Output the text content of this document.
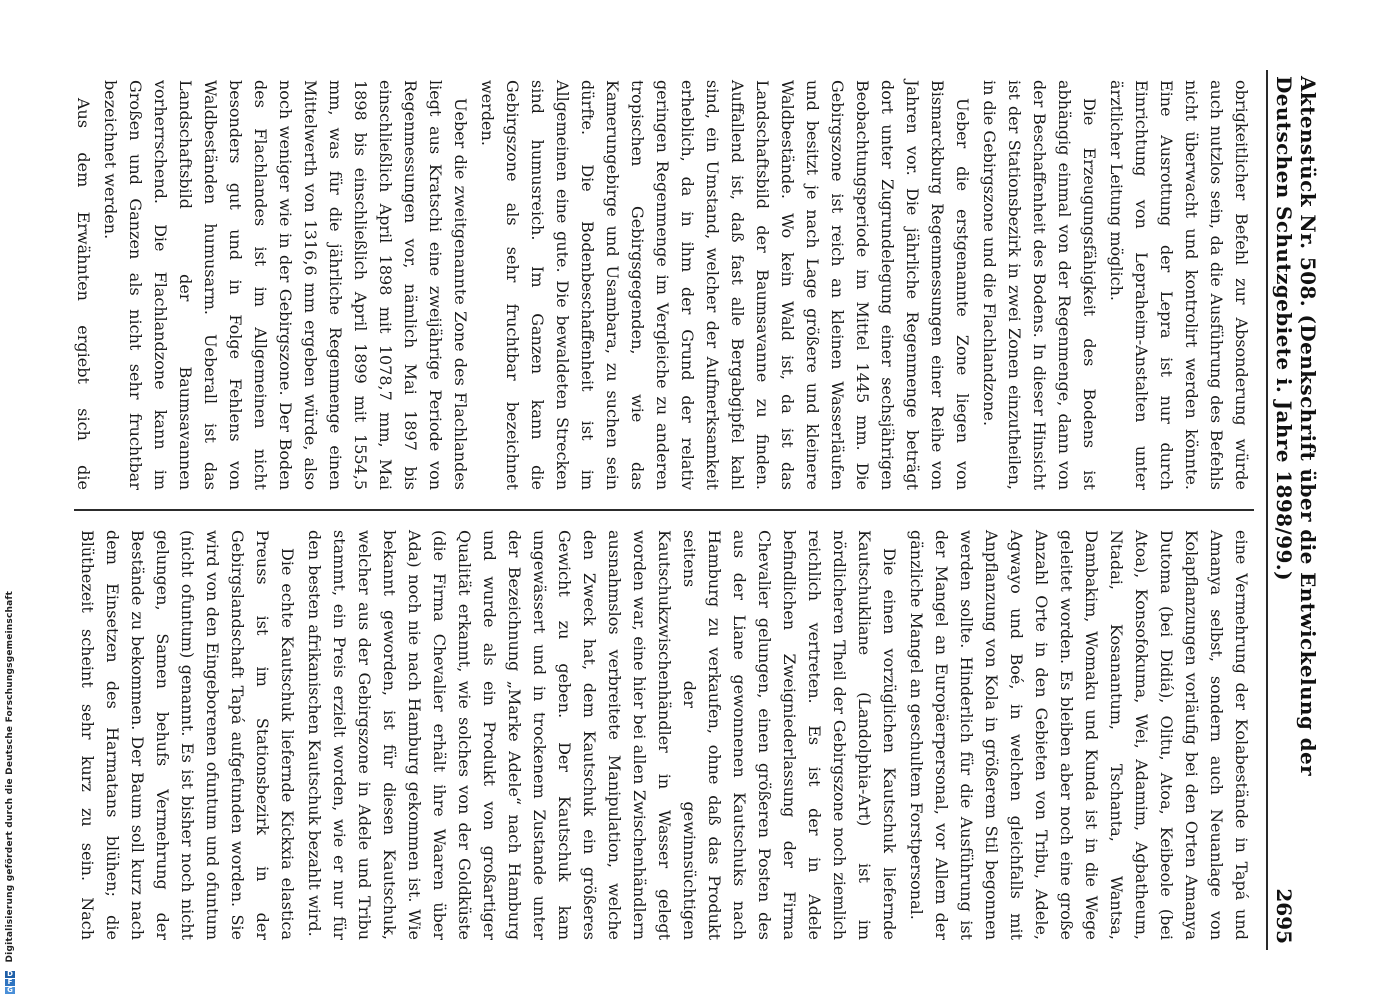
D
F
G
Digitalisierung gefördert durch die Deutsche Forschungsgemeinschaft
Aktenstück Nr. 508. (Denkschrift über die Entwickelung der Deutschen Schutzgebiete i. Jahre 1898/99.)
2695

obrigkeitlicher Befehl zur Absonderung würde auch nutzlos sein, da die Ausführung des Befehls nicht überwacht und kontrolirt werden könnte. Eine Ausrottung der Lepra ist nur durch Einrichtung von Lepraheim-Anstalten unter ärztlicher Leitung möglich.

Die Erzeugungsfähigkeit des Bodens ist abhängig einmal von der Regenmenge, dann von der Beschaffenheit des Bodens. In dieser Hinsicht ist der Stationsbezirk in zwei Zonen einzutheilen, in die Gebirgszone und die Flachlandzone.

Ueber die erstgenannte Zone liegen von Bismarckburg Regenmessungen einer Reihe von Jahren vor. Die jährliche Regenmenge beträgt dort unter Zugrundelegung einer sechsjährigen Beobachtungsperiode im Mittel 1445 mm. Die Gebirgszone ist reich an kleinen Wasserläufen und besitzt je nach Lage größere und kleinere Waldbestände. Wo kein Wald ist, da ist das Landschaftsbild der Baumsavanne zu finden. Auffallend ist, daß fast alle Bergabgipfel kahl sind, ein Umstand, welcher der Aufmerksamkeit erheblich, da in ihm der Grund der relativ geringen Regenmenge im Vergleiche zu anderen tropischen Gebirgsgegenden, wie das Kamerungebirge und Usambara, zu suchen sein dürfte. Die Bodenbeschaffenheit ist im Allgemeinen eine gute. Die bewaldeten Strecken sind humusreich. Im Ganzen kann die Gebirgszone als sehr fruchtbar bezeichnet werden.

Ueber die zweitgenannte Zone des Flachlandes liegt aus Kratschi eine zweijährige Periode von Regenmessungen vor, nämlich Mai 1897 bis einschließlich April 1898 mit 1078,7 mm, Mai 1898 bis einschließlich April 1899 mit 1554,5 mm, was für die jährliche Regenmenge einen Mittelwerth von 1316,6 mm ergeben würde, also noch weniger wie in der Gebirgszone. Der Boden des Flachlandes ist im Allgemeinen nicht besonders gut und in Folge Fehlens von Waldbeständen humusarm. Ueberall ist das Landschaftsbild der Baumsavannen vorherrschend. Die Flachlandzone kann im Großen und Ganzen als nicht sehr fruchtbar bezeichnet werden.

Aus dem Erwähnten ergiebt sich die

eine Vermehrung der Kolabestände in Tapá und Amanya selbst, sondern auch Neuanlage von Kolapflanzungen vorläufig bei den Orten Amanya Dutoma (bei Didiá), Olitu, Atoa, Keibeole (bei Atoa), Konsofokuma, Wei, Adamim, Agbatheum, Ntadai, Kosanantum, Tschanta, Wantsa, Dambakim, Womaku und Kunda ist in die Wege geleitet worden. Es bleiben aber noch eine große Anzahl Orte in den Gebieten von Tribu, Adele, Agwayo und Boé, in welchen gleichfalls mit Anpflanzung von Kola in größerem Stil begonnen werden sollte. Hinderlich für die Ausführung ist der Mangel an Europäerpersonal, vor Allem der gänzliche Mangel an geschultem Forstpersonal.

Die einen vorzüglichen Kautschuk liefernde Kautschukliane (Landolphia-Art) ist im nördlicheren Theil der Gebirgszone noch ziemlich reichlich vertreten. Es ist der in Adele befindlichen Zweigniederlassung der Firma Chevalier gelungen, einen größeren Posten des aus der Liane gewonnenen Kautschuks nach Hamburg zu verkaufen, ohne daß das Produkt seitens der gewinnsüchtigen Kautschukzwischenhändler in Wasser gelegt worden war, eine hier bei allen Zwischenhändlern ausnahmslos verbreitete Manipulation, welche den Zweck hat, dem Kautschuk ein größeres Gewicht zu geben. Der Kautschuk kam ungewässert und in trockenem Zustande unter der Bezeichnung „Marke Adele“ nach Hamburg und wurde als ein Produkt von großartiger Qualität erkannt, wie solches von der Goldküste (die Firma Chevalier erhält ihre Waaren über Ada) noch nie nach Hamburg gekommen ist. Wie bekannt geworden, ist für diesen Kautschuk, welcher aus der Gebirgszone in Adele und Tribu stammt, ein Preis erzielt worden, wie er nur für den besten afrikanischen Kautschuk bezahlt wird.

Die echte Kautschuk liefernde Kickxia elastica Preuss ist im Stationsbezirk in der Gebirgslandschaft Tapá aufgefunden worden. Sie wird von den Eingeborenen ofuntum und ofuntum (nicht ofuntum) genannt. Es ist bisher noch nicht gelungen, Samen behufs Vermehrung der Bestände zu bekommen. Der Baum soll kurz nach dem Einsetzen des Harmatans blühen; die Blüthezeit scheint sehr kurz zu sein. Nach
